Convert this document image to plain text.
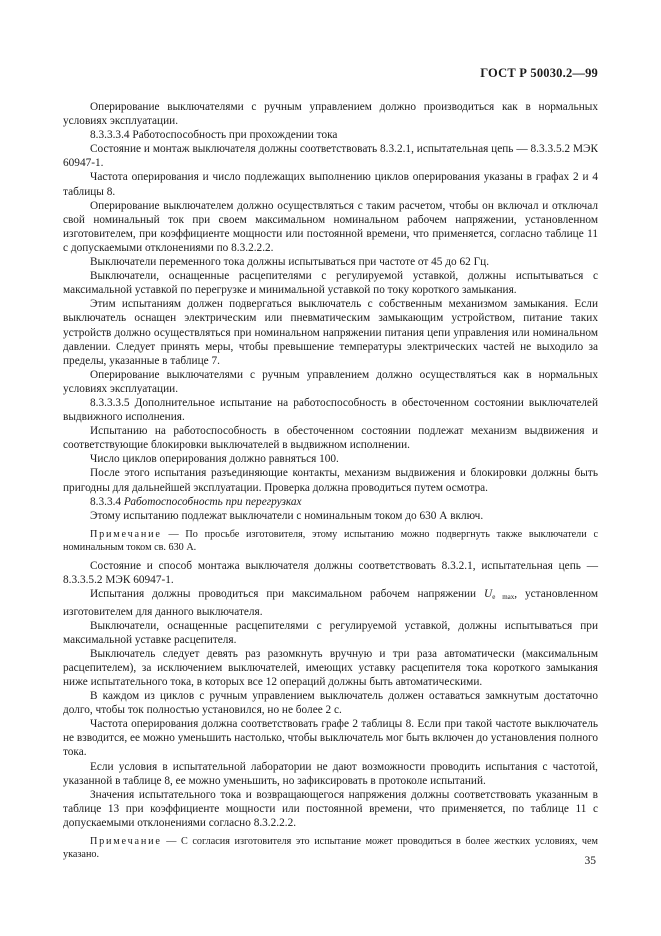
ГОСТ Р 50030.2—99

Оперирование выключателями с ручным управлением должно производиться как в нормальных условиях эксплуатации.

8.3.3.3.4 Работоспособность при прохождении тока

Состояние и монтаж выключателя должны соответствовать 8.3.2.1, испытательная цепь — 8.3.3.5.2 МЭК 60947-1.

Частота оперирования и число подлежащих выполнению циклов оперирования указаны в графах 2 и 4 таблицы 8.

Оперирование выключателем должно осуществляться с таким расчетом, чтобы он включал и отключал свой номинальный ток при своем максимальном номинальном рабочем напряжении, установленном изготовителем, при коэффициенте мощности или постоянной времени, что применяется, согласно таблице 11 с допускаемыми отклонениями по 8.3.2.2.2.

Выключатели переменного тока должны испытываться при частоте от 45 до 62 Гц.

Выключатели, оснащенные расцепителями с регулируемой уставкой, должны испытываться с максимальной уставкой по перегрузке и минимальной уставкой по току короткого замыкания.

Этим испытаниям должен подвергаться выключатель с собственным механизмом замыкания. Если выключатель оснащен электрическим или пневматическим замыкающим устройством, питание таких устройств должно осуществляться при номинальном напряжении питания цепи управления или номинальном давлении. Следует принять меры, чтобы превышение температуры электрических частей не выходило за пределы, указанные в таблице 7.

Оперирование выключателями с ручным управлением должно осуществляться как в нормальных условиях эксплуатации.

8.3.3.3.5 Дополнительное испытание на работоспособность в обесточенном состоянии выключателей выдвижного исполнения.

Испытанию на работоспособность в обесточенном состоянии подлежат механизм выдвижения и соответствующие блокировки выключателей в выдвижном исполнении.

Число циклов оперирования должно равняться 100.

После этого испытания разъединяющие контакты, механизм выдвижения и блокировки должны быть пригодны для дальнейшей эксплуатации. Проверка должна проводиться путем осмотра.

8.3.3.4 Работоспособность при перегрузках

Этому испытанию подлежат выключатели с номинальным током до 630 А включ.

Примечание — По просьбе изготовителя, этому испытанию можно подвергнуть также выключатели с номинальным током св. 630 А.

Состояние и способ монтажа выключателя должны соответствовать 8.3.2.1, испытательная цепь — 8.3.3.5.2 МЭК 60947-1.

Испытания должны проводиться при максимальном рабочем напряжении $U_{e max}$, установленном изготовителем для данного выключателя.

Выключатели, оснащенные расцепителями с регулируемой уставкой, должны испытываться при максимальной уставке расцепителя.

Выключатель следует девять раз разомкнуть вручную и три раза автоматически (максимальным расцепителем), за исключением выключателей, имеющих уставку расцепителя тока короткого замыкания ниже испытательного тока, в которых все 12 операций должны быть автоматическими.

В каждом из циклов с ручным управлением выключатель должен оставаться замкнутым достаточно долго, чтобы ток полностью установился, но не более 2 с.

Частота оперирования должна соответствовать графе 2 таблицы 8. Если при такой частоте выключатель не взводится, ее можно уменьшить настолько, чтобы выключатель мог быть включен до установления полного тока.

Если условия в испытательной лаборатории не дают возможности проводить испытания с частотой, указанной в таблице 8, ее можно уменьшить, но зафиксировать в протоколе испытаний.

Значения испытательного тока и возвращающегося напряжения должны соответствовать указанным в таблице 13 при коэффициенте мощности или постоянной времени, что применяется, по таблице 11 с допускаемыми отклонениями согласно 8.3.2.2.2.

Примечание — С согласия изготовителя это испытание может проводиться в более жестких условиях, чем указано.

35
